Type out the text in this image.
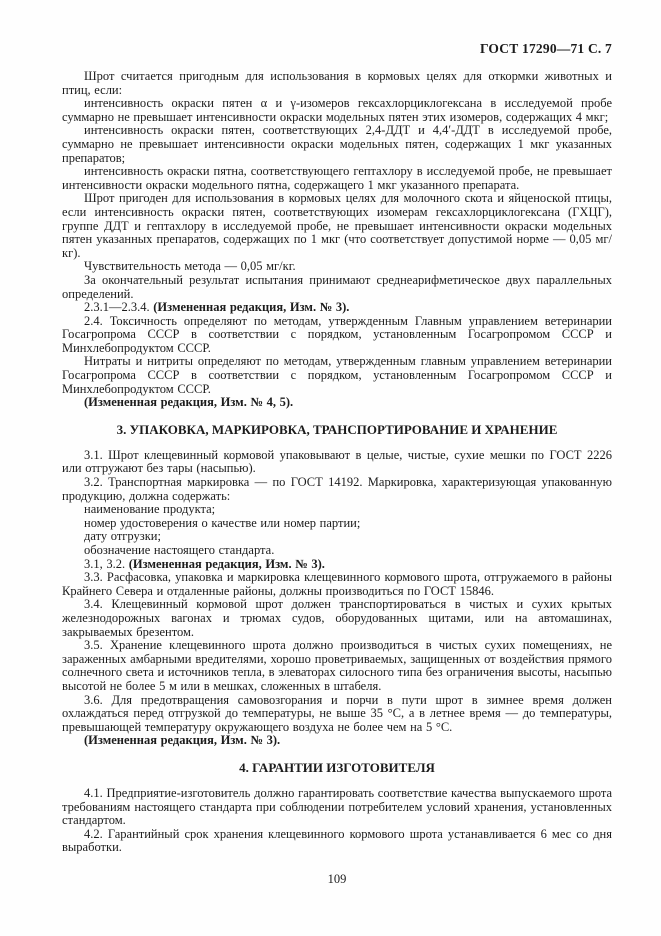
ГОСТ 17290—71 С. 7

Шрот считается пригодным для использования в кормовых целях для откормки животных и птиц, если:

интенсивность окраски пятен α и γ-изомеров гексахлорциклогексана в исследуемой пробе суммарно не превышает интенсивности окраски модельных пятен этих изомеров, содержащих 4 мкг;

интенсивность окраски пятен, соответствующих 2,4-ДДТ и 4,4′-ДДТ в исследуемой пробе, суммарно не превышает интенсивности окраски модельных пятен, содержащих 1 мкг указанных препаратов;

интенсивность окраски пятна, соответствующего гептахлору в исследуемой пробе, не превышает интенсивности окраски модельного пятна, содержащего 1 мкг указанного препарата.

Шрот пригоден для использования в кормовых целях для молочного скота и яйценоской птицы, если интенсивность окраски пятен, соответствующих изомерам гексахлорциклогексана (ГХЦГ), группе ДДТ и гептахлору в исследуемой пробе, не превышает интенсивности окраски модельных пятен указанных препаратов, содержащих по 1 мкг (что соответствует допустимой норме — 0,05 мг/кг).

Чувствительность метода — 0,05 мг/кг.

За окончательный результат испытания принимают среднеарифметическое двух параллельных определений.

2.3.1—2.3.4. (Измененная редакция, Изм. № 3).

2.4. Токсичность определяют по методам, утвержденным Главным управлением ветеринарии Госагропрома СССР в соответствии с порядком, установленным Госагропромом СССР и Минхлебопродуктом СССР.

Нитраты и нитриты определяют по методам, утвержденным главным управлением ветеринарии Госагропрома СССР в соответствии с порядком, установленным Госагропромом СССР и Минхлебопродуктом СССР.

(Измененная редакция, Изм. № 4, 5).

3. УПАКОВКА, МАРКИРОВКА, ТРАНСПОРТИРОВАНИЕ И ХРАНЕНИЕ

3.1. Шрот клещевинный кормовой упаковывают в целые, чистые, сухие мешки по ГОСТ 2226 или отгружают без тары (насыпью).

3.2. Транспортная маркировка — по ГОСТ 14192. Маркировка, характеризующая упакованную продукцию, должна содержать:

наименование продукта;

номер удостоверения о качестве или номер партии;

дату отгрузки;

обозначение настоящего стандарта.

3.1, 3.2. (Измененная редакция, Изм. № 3).

3.3. Расфасовка, упаковка и маркировка клещевинного кормового шрота, отгружаемого в районы Крайнего Севера и отдаленные районы, должны производиться по ГОСТ 15846.

3.4. Клещевинный кормовой шрот должен транспортироваться в чистых и сухих крытых железнодорожных вагонах и трюмах судов, оборудованных щитами, или на автомашинах, закрываемых брезентом.

3.5. Хранение клещевинного шрота должно производиться в чистых сухих помещениях, не зараженных амбарными вредителями, хорошо проветриваемых, защищенных от воздействия прямого солнечного света и источников тепла, в элеваторах силосного типа без ограничения высоты, насыпью высотой не более 5 м или в мешках, сложенных в штабеля.

3.6. Для предотвращения самовозгорания и порчи в пути шрот в зимнее время должен охлаждаться перед отгрузкой до температуры, не выше 35 °С, а в летнее время — до температуры, превышающей температуру окружающего воздуха не более чем на 5 °С.

(Измененная редакция, Изм. № 3).

4. ГАРАНТИИ ИЗГОТОВИТЕЛЯ

4.1. Предприятие-изготовитель должно гарантировать соответствие качества выпускаемого шрота требованиям настоящего стандарта при соблюдении потребителем условий хранения, установленных стандартом.

4.2. Гарантийный срок хранения клещевинного кормового шрота устанавливается 6 мес со дня выработки.

109
